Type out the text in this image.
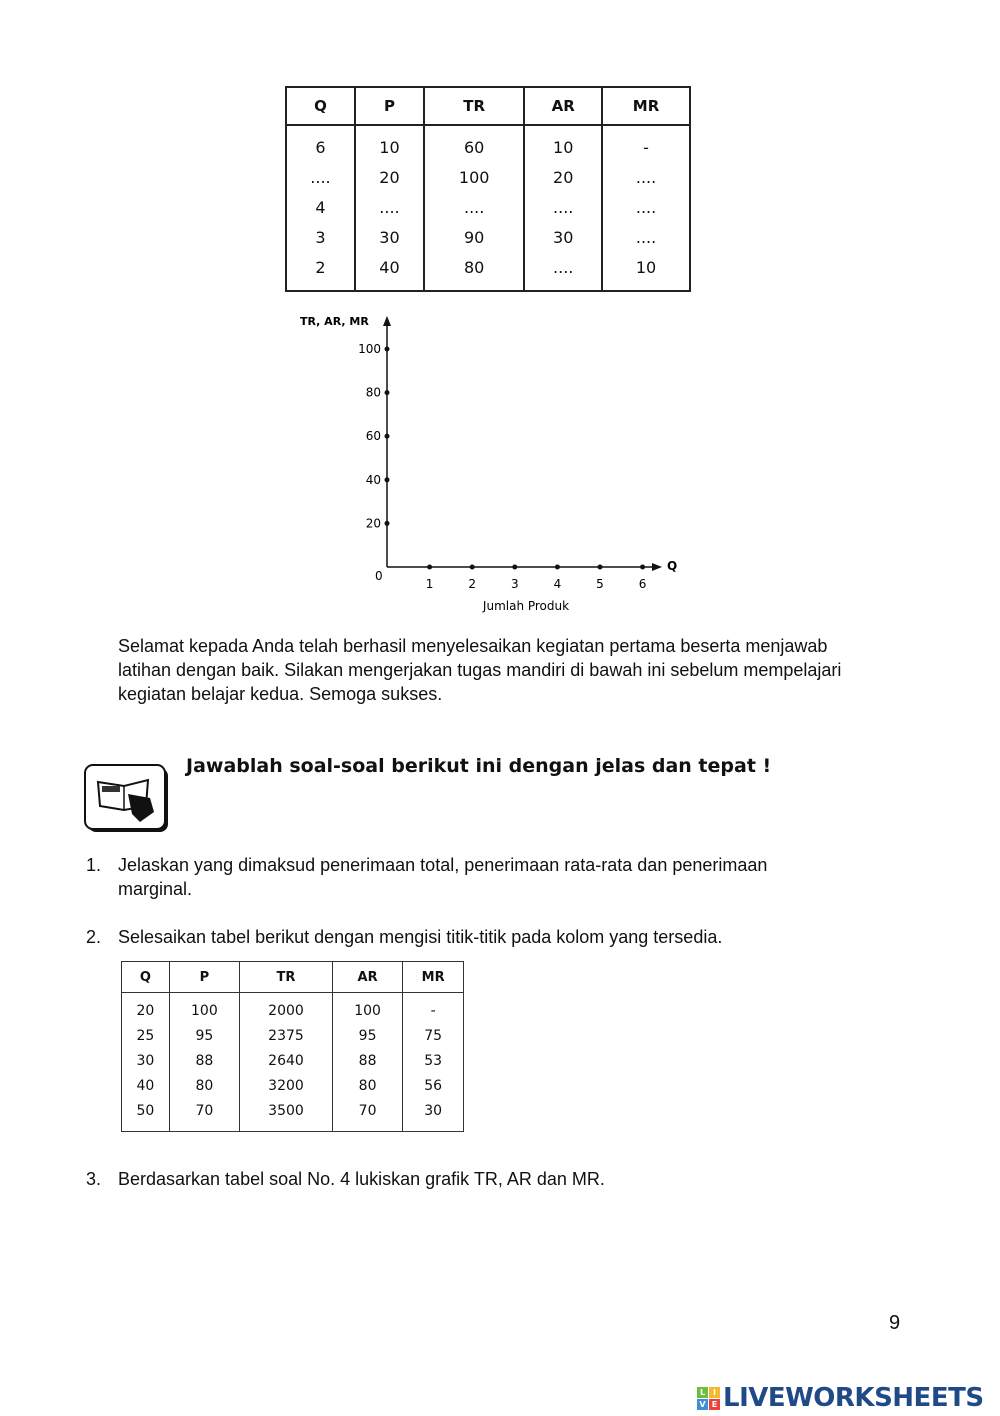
Q	P	TR	AR	MR
6	10	60	10	-
....	20	100	20	....
4	....	....	....	....
3	30	90	30	....
2	40	80	....	10
TR, AR, MR
Q
0
Jumlah Produk
20
40
60
80
100
1	2	3	4	5	6
Selamat kepada Anda telah berhasil menyelesaikan kegiatan pertama beserta menjawab
latihan dengan baik. Silakan mengerjakan tugas mandiri di bawah ini sebelum mempelajari
kegiatan belajar kedua. Semoga sukses.
Jawablah soal-soal berikut ini dengan jelas dan tepat !
1. Jelaskan yang dimaksud penerimaan total, penerimaan rata-rata dan penerimaan
marginal.
2. Selesaikan tabel berikut dengan mengisi titik-titik pada kolom yang tersedia.
Q	P	TR	AR	MR
20	100	2000	100	-
25	95	2375	95	75
30	88	2640	88	53
40	80	3200	80	56
50	70	3500	70	30
3. Berdasarkan tabel soal No. 4 lukiskan grafik TR, AR dan MR.
9
L I
V E LIVEWORKSHEETS
